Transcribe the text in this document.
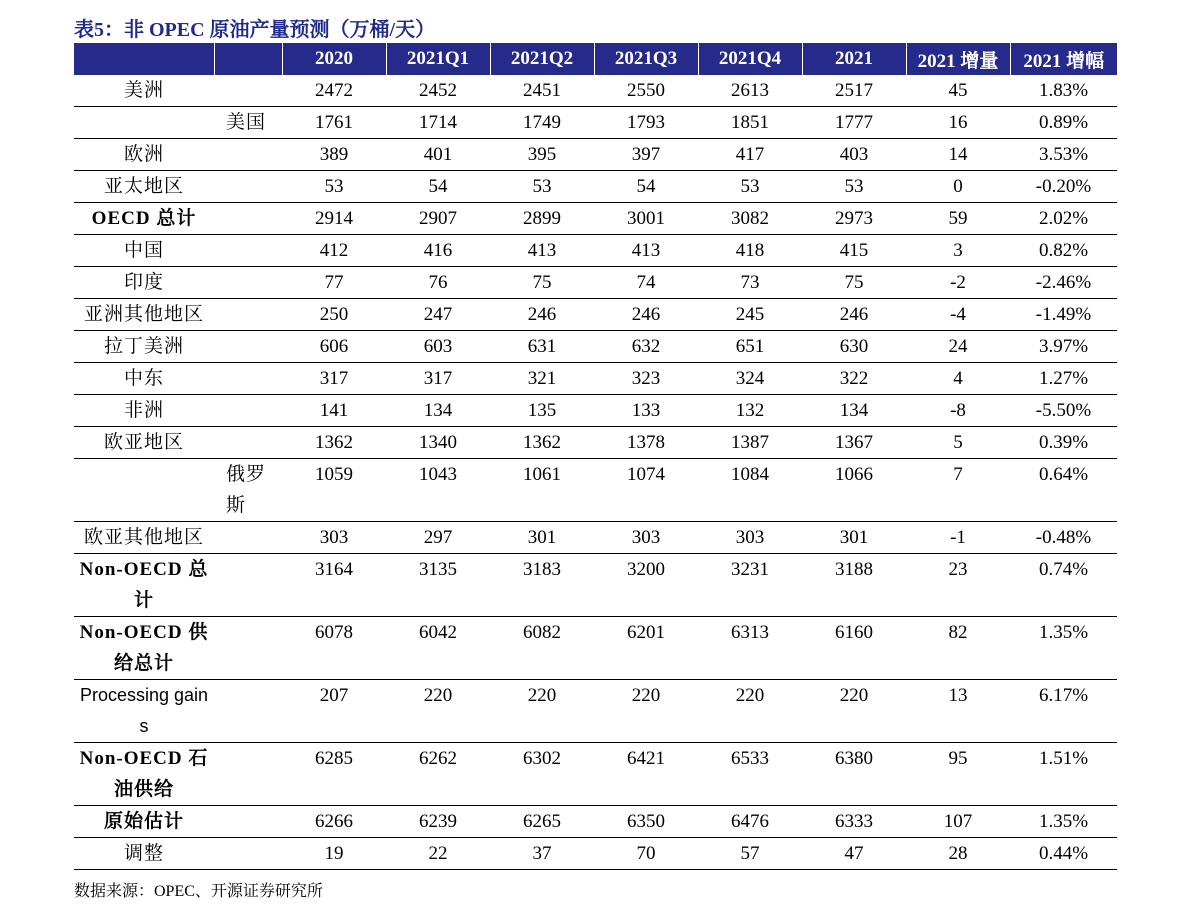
表5：非 OPEC 原油产量预测（万桶/天）
		2020	2021Q1	2021Q2	2021Q3	2021Q4	2021	2021 增量	2021 增幅
美洲		2472	2452	2451	2550	2613	2517	45	1.83%
	美国	1761	1714	1749	1793	1851	1777	16	0.89%
欧洲		389	401	395	397	417	403	14	3.53%
亚太地区		53	54	53	54	53	53	0	-0.20%
OECD 总计		2914	2907	2899	3001	3082	2973	59	2.02%
中国		412	416	413	413	418	415	3	0.82%
印度		77	76	75	74	73	75	-2	-2.46%
亚洲其他地区		250	247	246	246	245	246	-4	-1.49%
拉丁美洲		606	603	631	632	651	630	24	3.97%
中东		317	317	321	323	324	322	4	1.27%
非洲		141	134	135	133	132	134	-8	-5.50%
欧亚地区		1362	1340	1362	1378	1387	1367	5	0.39%
	俄罗斯	1059	1043	1061	1074	1084	1066	7	0.64%
欧亚其他地区		303	297	301	303	303	301	-1	-0.48%
Non-OECD 总计		3164	3135	3183	3200	3231	3188	23	0.74%
Non-OECD 供给总计		6078	6042	6082	6201	6313	6160	82	1.35%
Processing gains		207	220	220	220	220	220	13	6.17%
Non-OECD 石油供给		6285	6262	6302	6421	6533	6380	95	1.51%
原始估计		6266	6239	6265	6350	6476	6333	107	1.35%
调整		19	22	37	70	57	47	28	0.44%
数据来源：OPEC、开源证券研究所
